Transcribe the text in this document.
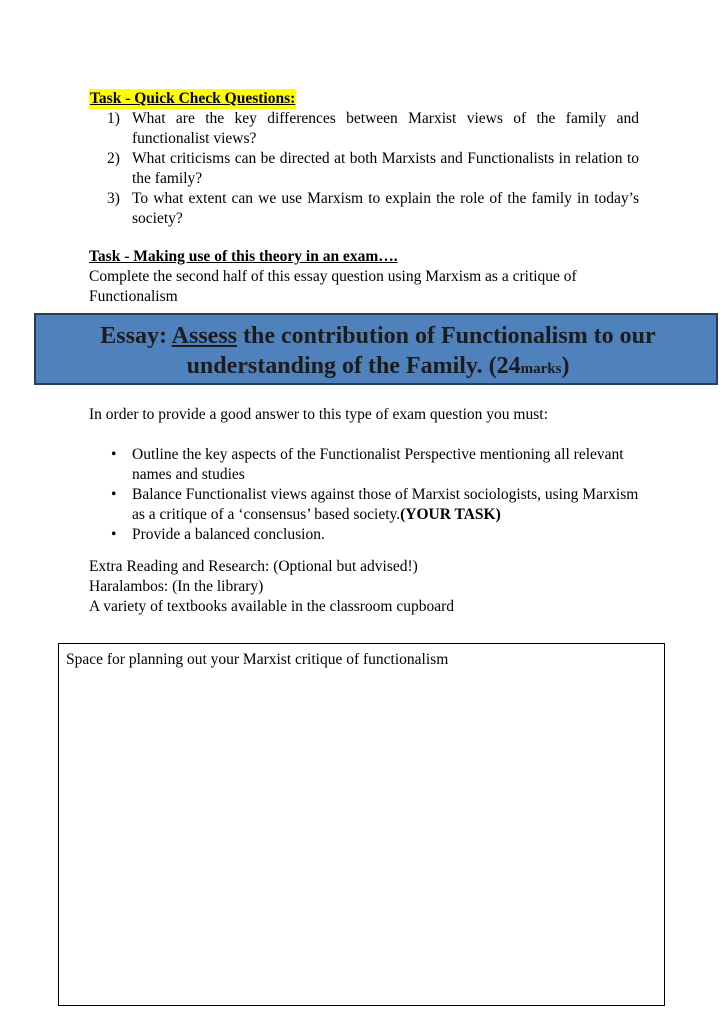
Task - Quick Check Questions:
1) What are the key differences between Marxist views of the family and functionalist views?
2) What criticisms can be directed at both Marxists and Functionalists in relation to the family?
3) To what extent can we use Marxism to explain the role of the family in today’s society?
Task - Making use of this theory in an exam….
Complete the second half of this essay question using Marxism as a critique of Functionalism
Essay: Assess the contribution of Functionalism to our
understanding of the Family. (24marks)
In order to provide a good answer to this type of exam question you must:
• Outline the key aspects of the Functionalist Perspective mentioning all relevant names and studies
• Balance Functionalist views against those of Marxist sociologists, using Marxism as a critique of a ‘consensus’ based society.(YOUR TASK)
• Provide a balanced conclusion.
Extra Reading and Research: (Optional but advised!)
Haralambos: (In the library)
A variety of textbooks available in the classroom cupboard
Space for planning out your Marxist critique of functionalism
